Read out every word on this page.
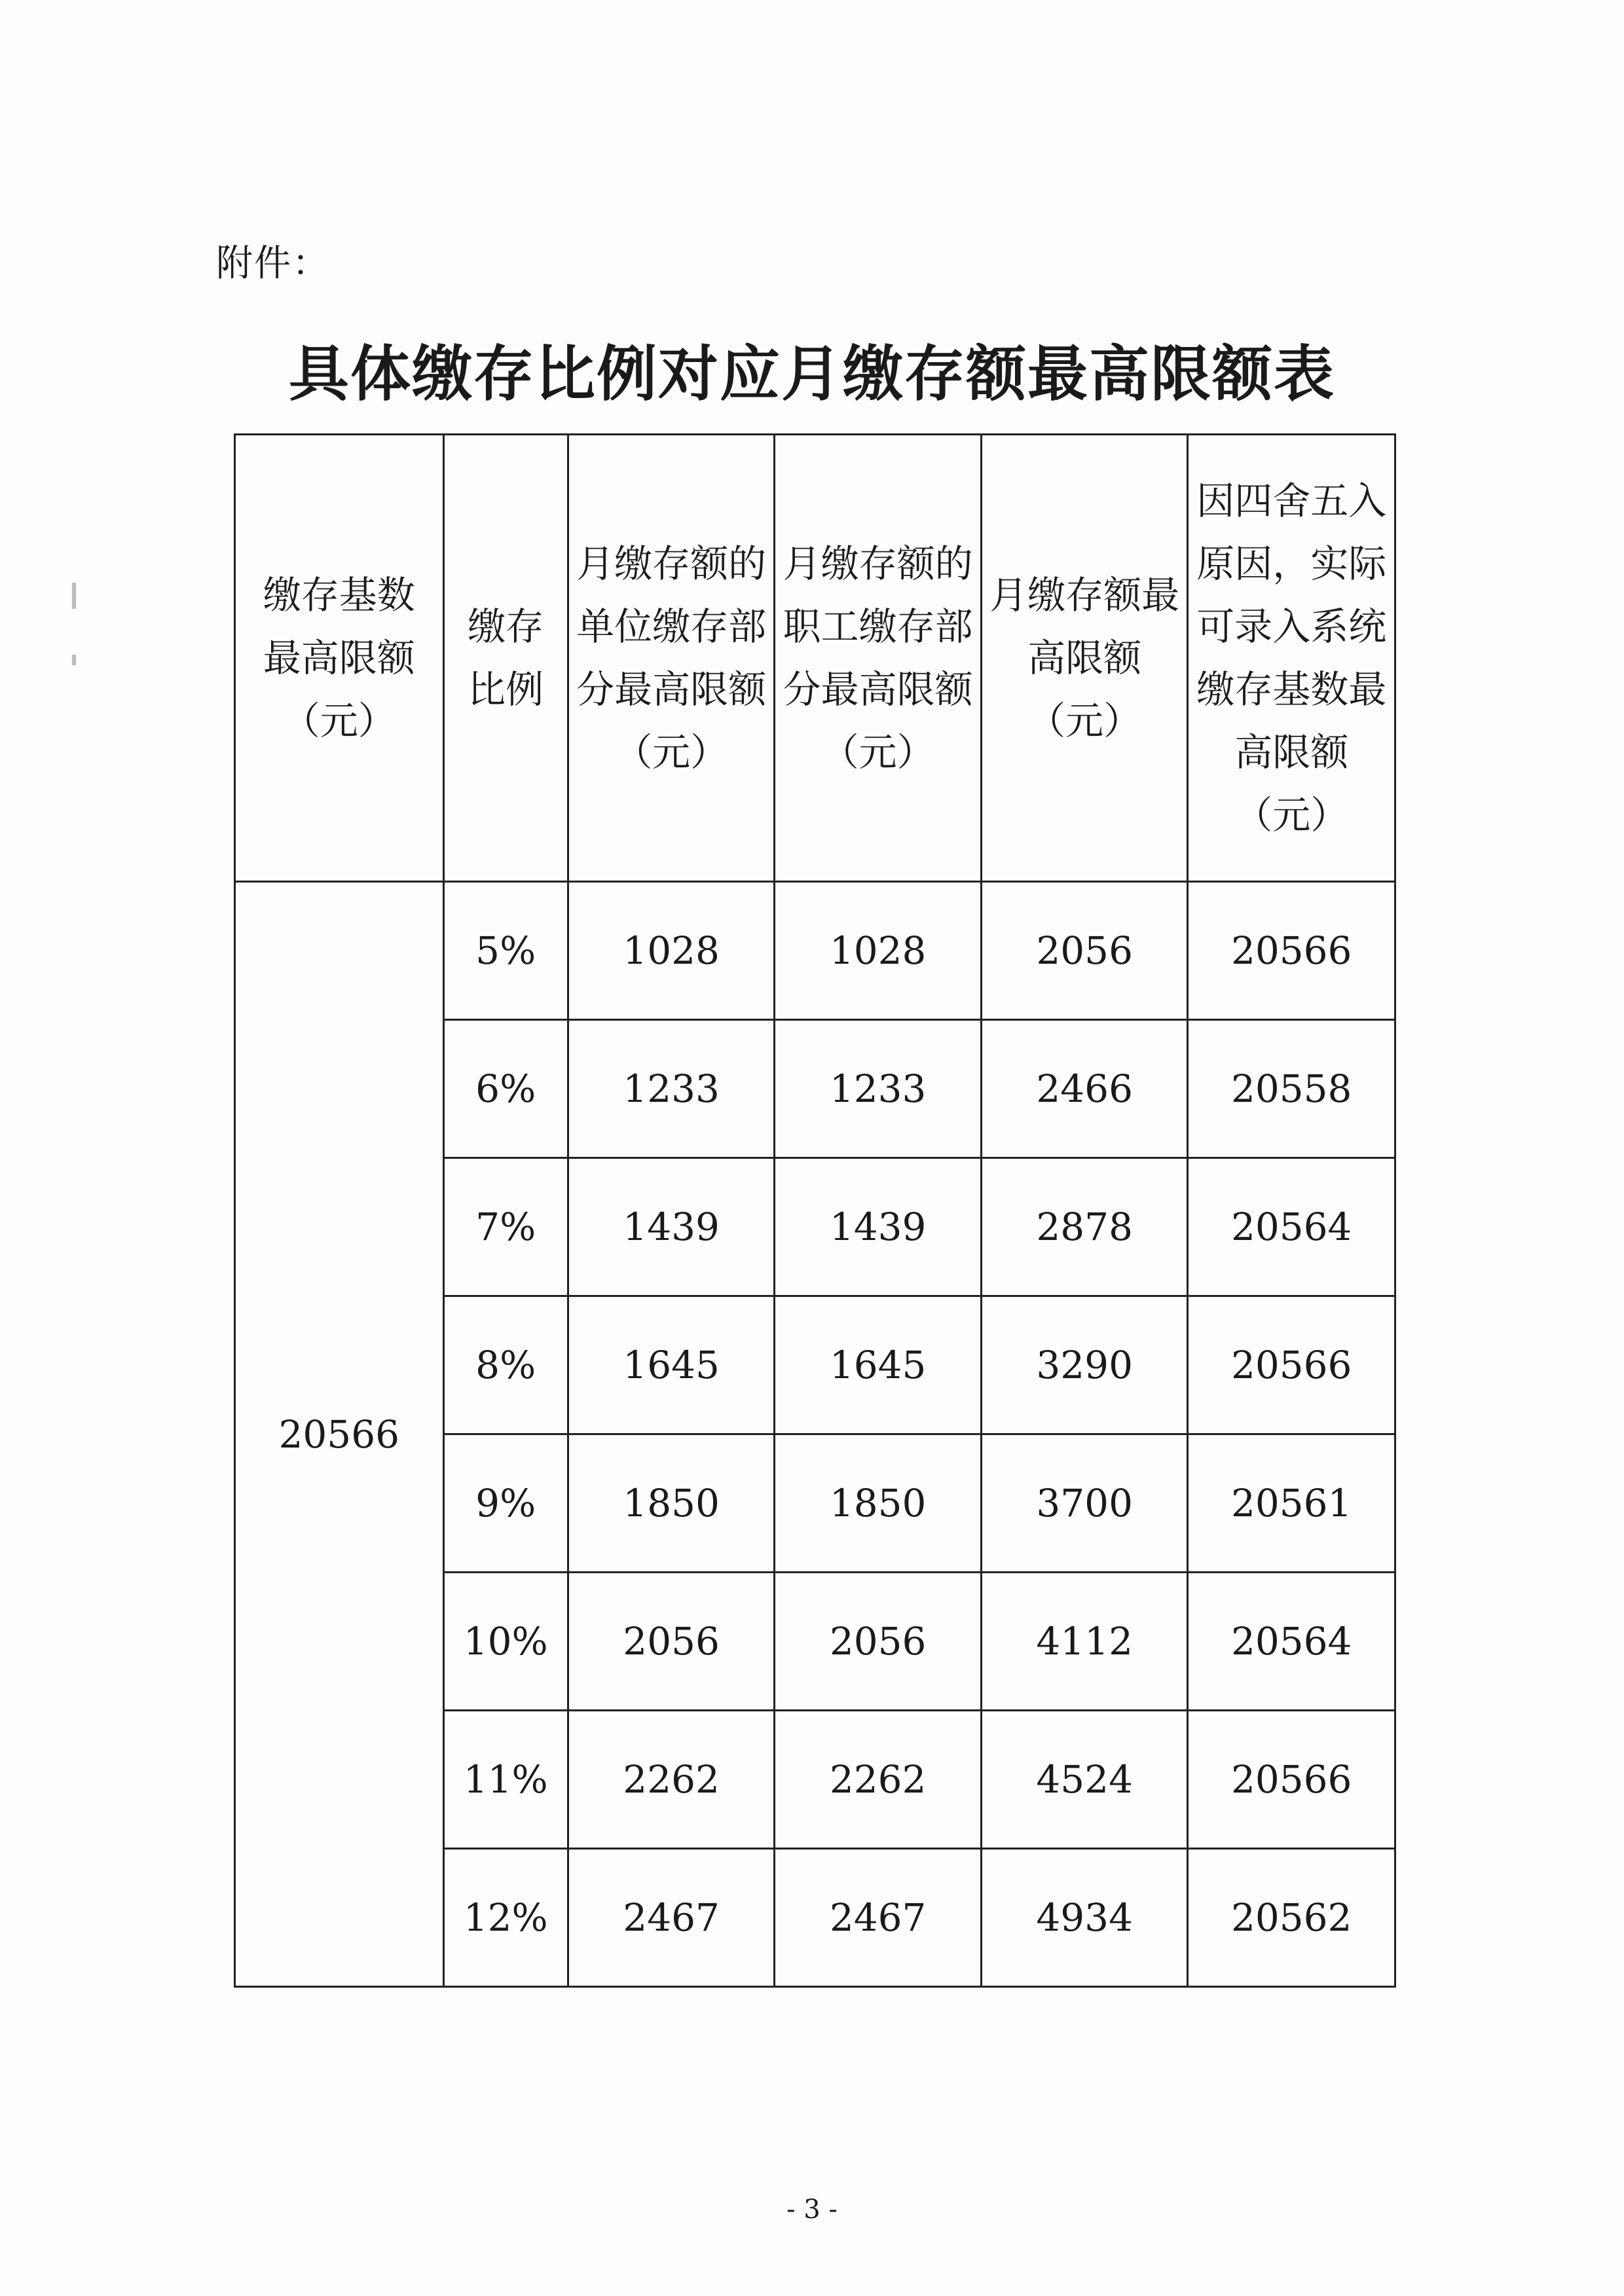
附件：
具体缴存比例对应月缴存额最高限额表
缴存基数最高限额（元）	缴存比例	月缴存额的单位缴存部分最高限额（元）	月缴存额的职工缴存部分最高限额（元）	月缴存额最高限额（元）	因四舍五入原因，实际可录入系统缴存基数最高限额（元）
20566	5%	1028	1028	2056	20566
	6%	1233	1233	2466	20558
	7%	1439	1439	2878	20564
	8%	1645	1645	3290	20566
	9%	1850	1850	3700	20561
	10%	2056	2056	4112	20564
	11%	2262	2262	4524	20566
	12%	2467	2467	4934	20562
- 3 -
